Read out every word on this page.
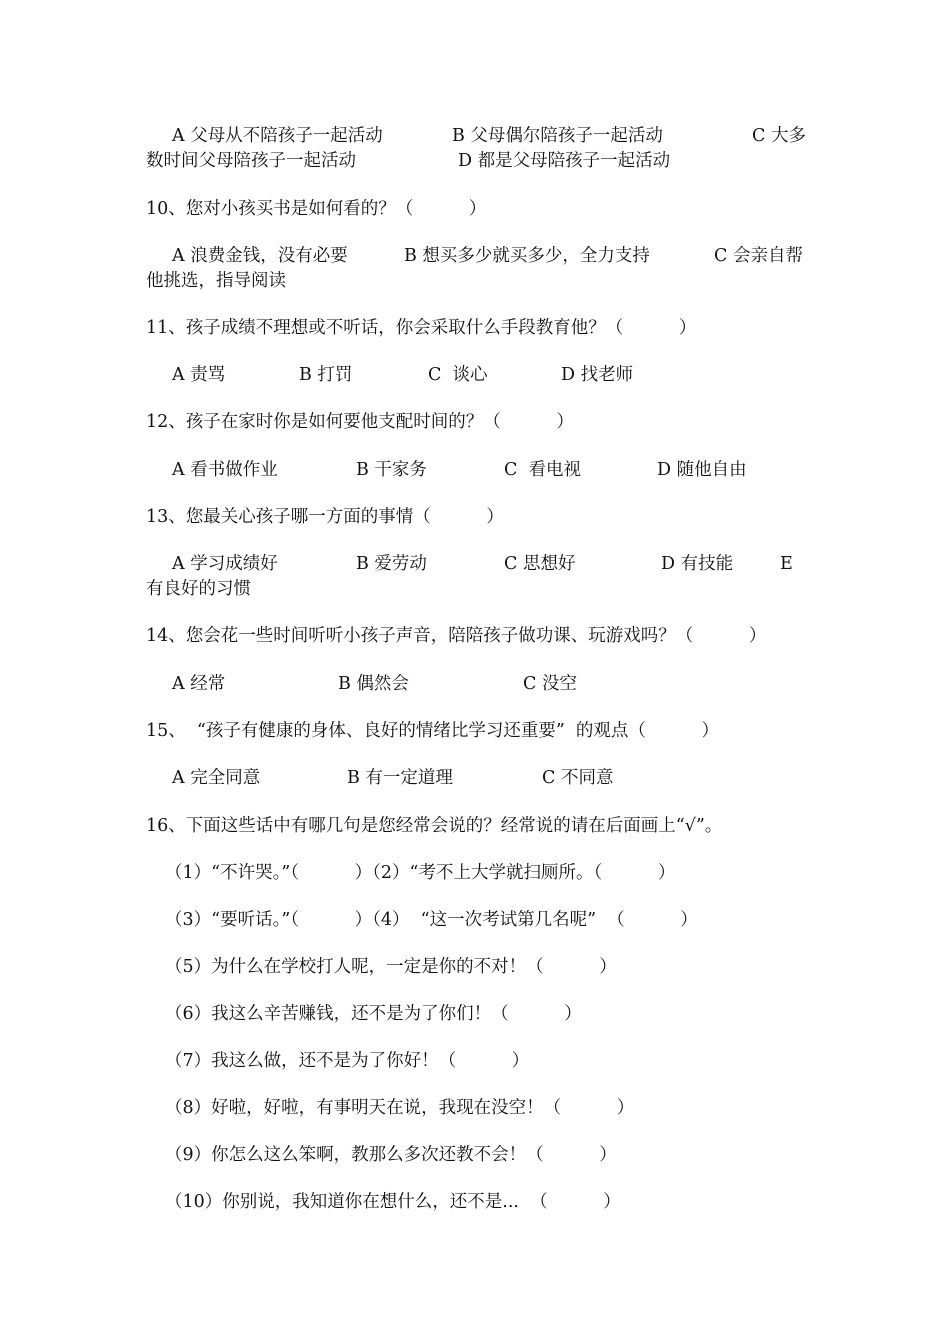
A 父母从不陪孩子一起活动	B 父母偶尔陪孩子一起活动	C 大多
数时间父母陪孩子一起活动	D 都是父母陪孩子一起活动
10、您对小孩买书是如何看的？（          ）
A 浪费金钱，没有必要	B 想买多少就买多少，全力支持	C 会亲自帮
他挑选，指导阅读
11、孩子成绩不理想或不听话，你会采取什么手段教育他？（          ）
A 责骂	B 打罚	C  谈心	D 找老师
12、孩子在家时你是如何要他支配时间的？（          ）
A 看书做作业	B 干家务	C  看电视	D 随他自由
13、您最关心孩子哪一方面的事情（          ）
A 学习成绩好	B 爱劳动	C 思想好	D 有技能	E
有良好的习惯
14、您会花一些时间听听小孩子声音，陪陪孩子做功课、玩游戏吗？（          ）
A 经常	B 偶然会	C 没空
15、  “孩子有健康的身体、良好的情绪比学习还重要”  的观点（          ）
A 完全同意	B 有一定道理	C 不同意
16、下面这些话中有哪几句是您经常会说的？经常说的请在后面画上“√”。
（1）“不许哭。”（          ）（2）“考不上大学就扫厕所。（          ）
（3）“要听话。”（          ）（4）  “这一次考试第几名呢”  （          ）
（5）为什么在学校打人呢，一定是你的不对！（          ）
（6）我这么辛苦赚钱，还不是为了你们！（          ）
（7）我这么做，还不是为了你好！（          ）
（8）好啦，好啦，有事明天在说，我现在没空！（          ）
（9）你怎么这么笨啊，教那么多次还教不会！（          ）
（10）你别说，我知道你在想什么，还不是...  （          ）
